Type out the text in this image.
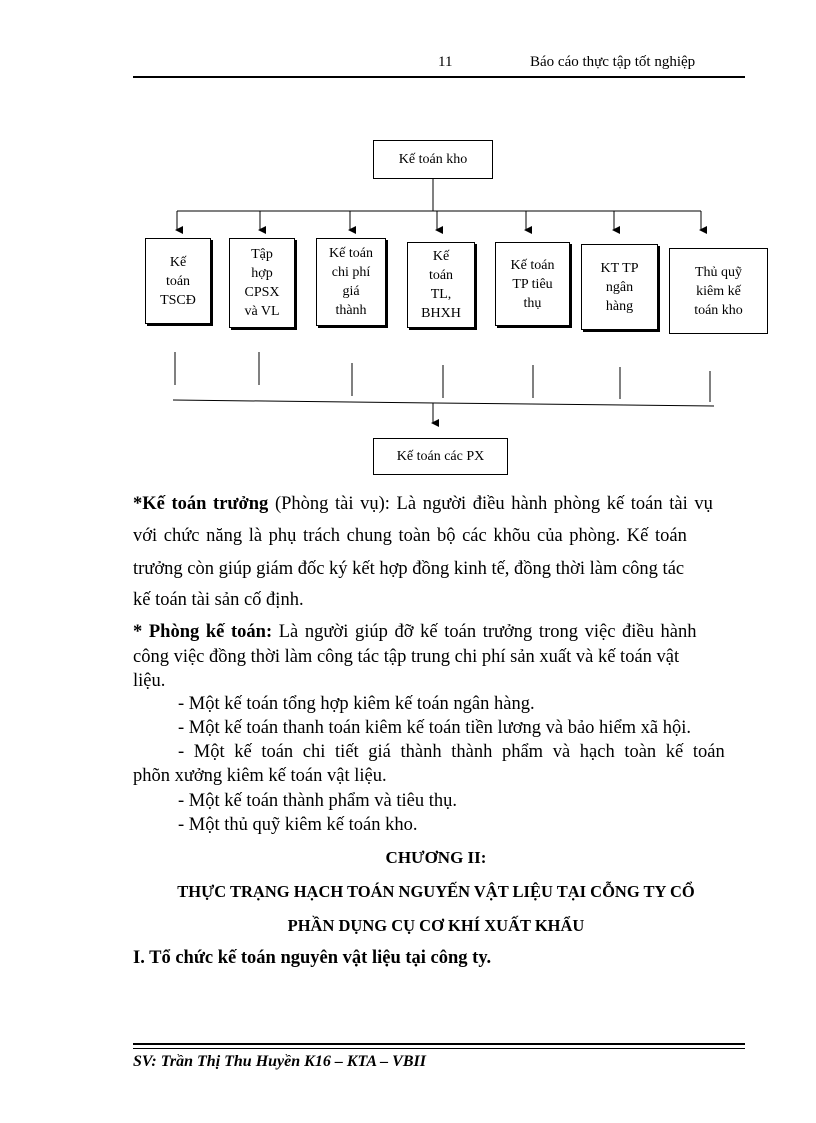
11	Báo cáo thực tập tốt nghiệp
Kế toán kho
Kế
toán
TSCĐ
Tập
hợp
CPSX
và VL
Kế toán
chi phí
giá
thành
Kế
toán
TL,
BHXH
Kế toán
TP tiêu
thụ
KT TP
ngân
hàng
Thủ quỹ
kiêm kế
toán kho
Kế toán các PX
*Kế toán trưởng (Phòng tài vụ): Là người điều hành phòng kế toán tài vụ
với chức năng là phụ trách chung toàn bộ các khõu của phòng. Kế toán
trưởng còn giúp giám đốc ký kết hợp đồng kinh tế, đồng thời làm công tác
kế toán tài sản cố định.
* Phòng kế toán: Là người giúp đỡ kế toán trưởng trong việc điều hành
công việc đồng thời làm công tác tập trung chi phí sản xuất và kế toán vật
liệu.
- Một kế toán tổng hợp kiêm kế toán ngân hàng.
- Một kế toán thanh toán kiêm kế toán tiền lương và bảo hiểm xã hội.
- Một kế toán chi tiết giá thành thành phẩm và hạch toàn kế toán
phõn xưởng kiêm kế toán vật liệu.
- Một kế toán thành phẩm và tiêu thụ.
- Một thủ quỹ kiêm kế toán kho.
CHƯƠNG II:
THỰC TRẠNG HẠCH TOÁN NGUYẾN VẬT LIỆU TẠI CỖNG TY CỔ
PHẦN DỤNG CỤ CƠ KHÍ XUẤT KHẨU
I. Tổ chức kế toán nguyên vật liệu tại công ty.
SV: Trần Thị Thu Huyền K16 – KTA – VBII
